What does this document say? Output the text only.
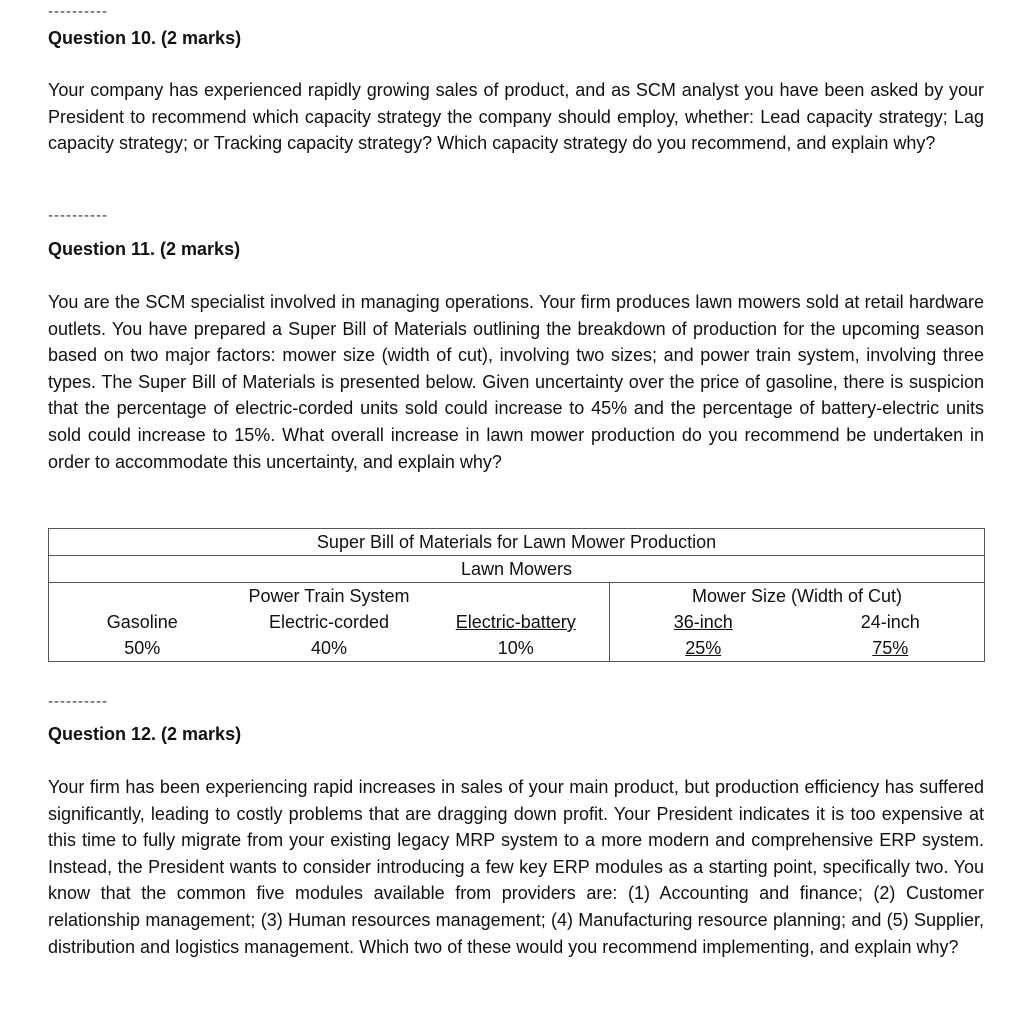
----------
Question 10. (2 marks)

Your company has experienced rapidly growing sales of product, and as SCM analyst you have been asked by your President to recommend which capacity strategy the company should employ, whether: Lead capacity strategy; Lag capacity strategy; or Tracking capacity strategy? Which capacity strategy do you recommend, and explain why?

----------
Question 11. (2 marks)

You are the SCM specialist involved in managing operations. Your firm produces lawn mowers sold at retail hardware outlets. You have prepared a Super Bill of Materials outlining the breakdown of production for the upcoming season based on two major factors: mower size (width of cut), involving two sizes; and power train system, involving three types. The Super Bill of Materials is presented below. Given uncertainty over the price of gasoline, there is suspicion that the percentage of electric-corded units sold could increase to 45% and the percentage of battery-electric units sold could increase to 15%. What overall increase in lawn mower production do you recommend be undertaken in order to accommodate this uncertainty, and explain why?

Super Bill of Materials for Lawn Mower Production				
Lawn Mowers				
Power Train System			Mower Size (Width of Cut)	
Gasoline	Electric-corded	Electric-battery	36-inch	24-inch
50%	40%	10%	25%	75%
----------
Question 12. (2 marks)

Your firm has been experiencing rapid increases in sales of your main product, but production efficiency has suffered significantly, leading to costly problems that are dragging down profit. Your President indicates it is too expensive at this time to fully migrate from your existing legacy MRP system to a more modern and comprehensive ERP system. Instead, the President wants to consider introducing a few key ERP modules as a starting point, specifically two. You know that the common five modules available from providers are: (1) Accounting and finance; (2) Customer relationship management; (3) Human resources management; (4) Manufacturing resource planning; and (5) Supplier, distribution and logistics management. Which two of these would you recommend implementing, and explain why?
